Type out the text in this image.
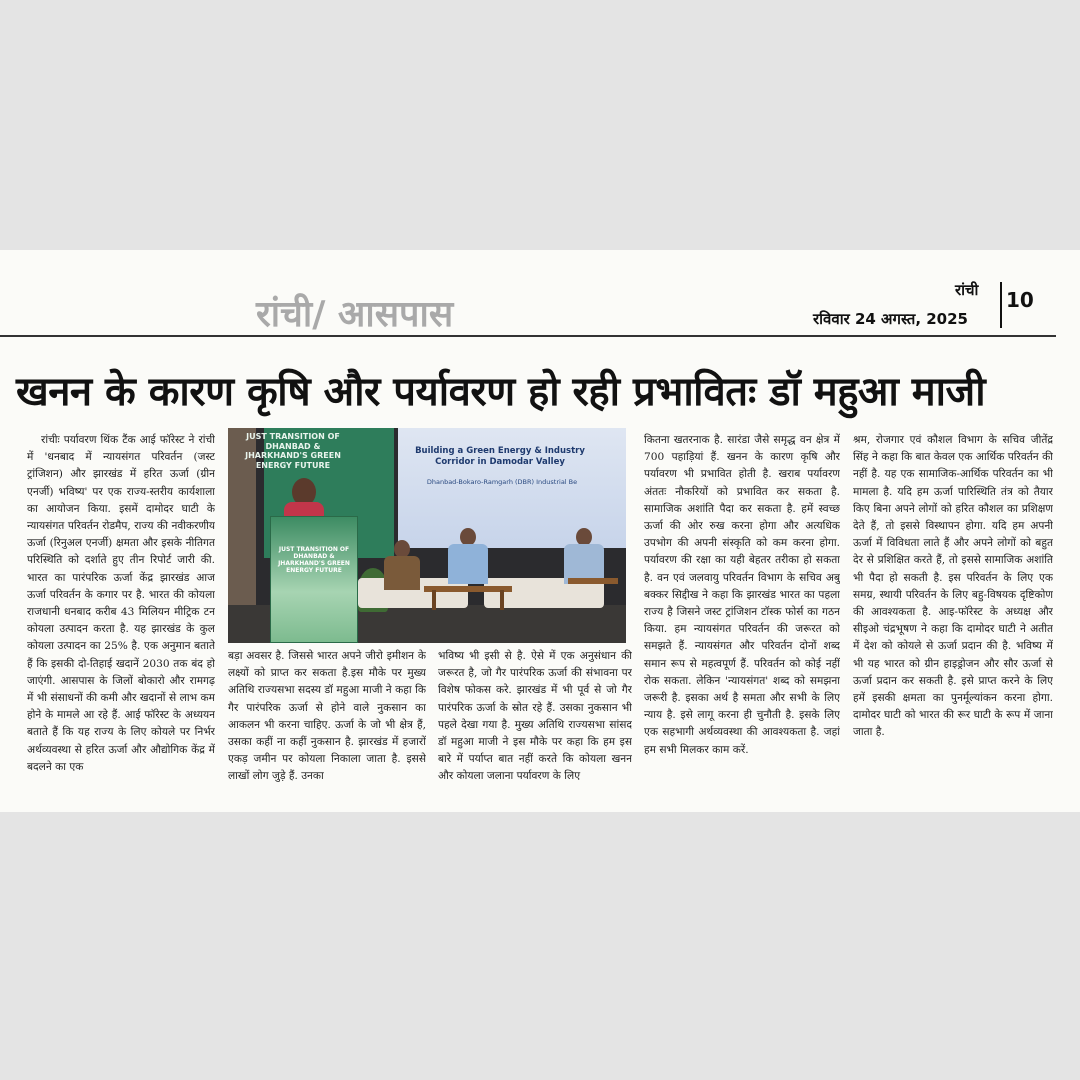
रांची/ आसपास
रांची
रविवार 24 अगस्त, 2025
10
खनन के कारण कृषि और पर्यावरण हो रही प्रभावितः डॉ महुआ माजी

रांचीः पर्यावरण थिंक टैंक आई फॉरेस्ट ने रांची में 'धनबाद में न्यायसंगत परिवर्तन (जस्ट ट्रांजिशन) और झारखंड में हरित ऊर्जा (ग्रीन एनर्जी) भविष्य' पर एक राज्य-स्तरीय कार्यशाला का आयोजन किया. इसमें दामोदर घाटी के न्यायसंगत परिवर्तन रोडमैप, राज्य की नवीकरणीय ऊर्जा (रिनुअल एनर्जी) क्षमता और इसके नीतिगत परिस्थिति को दर्शाते हुए तीन रिपोर्ट जारी की. भारत का पारंपरिक ऊर्जा केंद्र झारखंड आज ऊर्जा परिवर्तन के कगार पर है. भारत की कोयला राजधानी धनबाद करीब 43 मिलियन मीट्रिक टन कोयला उत्पादन करता है. यह झारखंड के कुल कोयला उत्पादन का 25% है. एक अनुमान बताते हैं कि इसकी दो-तिहाई खदानें 2030 तक बंद हो जाएंगी. आसपास के जिलों बोकारो और रामगढ़ में भी संसाधनों की कमी और खदानों से लाभ कम होने के मामले आ रहे हैं. आई फॉरेस्ट के अध्ययन बताते हैं कि यह राज्य के लिए कोयले पर निर्भर अर्थव्यवस्था से हरित ऊर्जा और औद्योगिक केंद्र में बदलने का एक

JUST TRANSITION OF DHANBAD & JHARKHAND'S GREEN ENERGY FUTURE
Building a Green Energy & Industry Corridor in Damodar Valley
Dhanbad-Bokaro-Ramgarh (DBR) Industrial Be
JUST TRANSITION OF DHANBAD & JHARKHAND'S GREEN ENERGY FUTURE

बड़ा अवसर है. जिससे भारत अपने जीरो इमीशन के लक्ष्यों को प्राप्त कर सकता है.इस मौके पर मुख्य अतिथि राज्यसभा सदस्य डॉ महुआ माजी ने कहा कि गैर पारंपरिक ऊर्जा से होने वाले नुकसान का आकलन भी करना चाहिए. ऊर्जा के जो भी क्षेत्र हैं, उसका कहीं ना कहीं नुकसान है. झारखंड में हजारों एकड़ जमीन पर कोयला निकाला जाता है. इससे लाखों लोग जुड़े हैं. उनका

भविष्य भी इसी से है. ऐसे में एक अनुसंधान की जरूरत है, जो गैर पारंपरिक ऊर्जा की संभावना पर विशेष फोकस करे. झारखंड में भी पूर्व से जो गैर पारंपरिक ऊर्जा के स्रोत रहे हैं. उसका नुकसान भी पहले देखा गया है. मुख्य अतिथि राज्यसभा सांसद डॉ महुआ माजी ने इस मौके पर कहा कि हम इस बारे में पर्याप्त बात नहीं करते कि कोयला खनन और कोयला जलाना पर्यावरण के लिए

कितना खतरनाक है. सारंडा जैसे समृद्ध वन क्षेत्र में 700 पहाड़ियां हैं. खनन के कारण कृषि और पर्यावरण भी प्रभावित होती है. खराब पर्यावरण अंततः नौकरियों को प्रभावित कर सकता है. सामाजिक अशांति पैदा कर सकता है. हमें स्वच्छ ऊर्जा की ओर रुख करना होगा और अत्यधिक उपभोग की अपनी संस्कृति को कम करना होगा. पर्यावरण की रक्षा का यही बेहतर तरीका हो सकता है. वन एवं जलवायु परिवर्तन विभाग के सचिव अबु बक्कर सिद्दीख ने कहा कि झारखंड भारत का पहला राज्य है जिसने जस्ट ट्रांजिशन टॉस्क फोर्स का गठन किया. हम न्यायसंगत परिवर्तन की जरूरत को समझते हैं. न्यायसंगत और परिवर्तन दोनों शब्द समान रूप से महत्वपूर्ण हैं. परिवर्तन को कोई नहीं रोक सकता. लेकिन 'न्यायसंगत' शब्द को समझना जरूरी है. इसका अर्थ है समता और सभी के लिए न्याय है. इसे लागू करना ही चुनौती है. इसके लिए एक सहभागी अर्थव्यवस्था की आवश्यकता है. जहां हम सभी मिलकर काम करें.

श्रम, रोजगार एवं कौशल विभाग के सचिव जीतेंद्र सिंह ने कहा कि बात केवल एक आर्थिक परिवर्तन की नहीं है. यह एक सामाजिक-आर्थिक परिवर्तन का भी मामला है. यदि हम ऊर्जा पारिस्थिति तंत्र को तैयार किए बिना अपने लोगों को हरित कौशल का प्रशिक्षण देते हैं, तो इससे विस्थापन होगा. यदि हम अपनी ऊर्जा में विविधता लाते हैं और अपने लोगों को बहुत देर से प्रशिक्षित करते हैं, तो इससे सामाजिक अशांति भी पैदा हो सकती है. इस परिवर्तन के लिए एक समग्र, स्थायी परिवर्तन के लिए बहु-विषयक दृष्टिकोण की आवश्यकता है. आइ-फॉरेस्ट के अध्यक्ष और सीइओ चंद्रभूषण ने कहा कि दामोदर घाटी ने अतीत में देश को कोयले से ऊर्जा प्रदान की है. भविष्य में भी यह भारत को ग्रीन हाइड्रोजन और सौर ऊर्जा से ऊर्जा प्रदान कर सकती है. इसे प्राप्त करने के लिए हमें इसकी क्षमता का पुनर्मूल्यांकन करना होगा. दामोदर घाटी को भारत की रूर घाटी के रूप में जाना जाता है.
